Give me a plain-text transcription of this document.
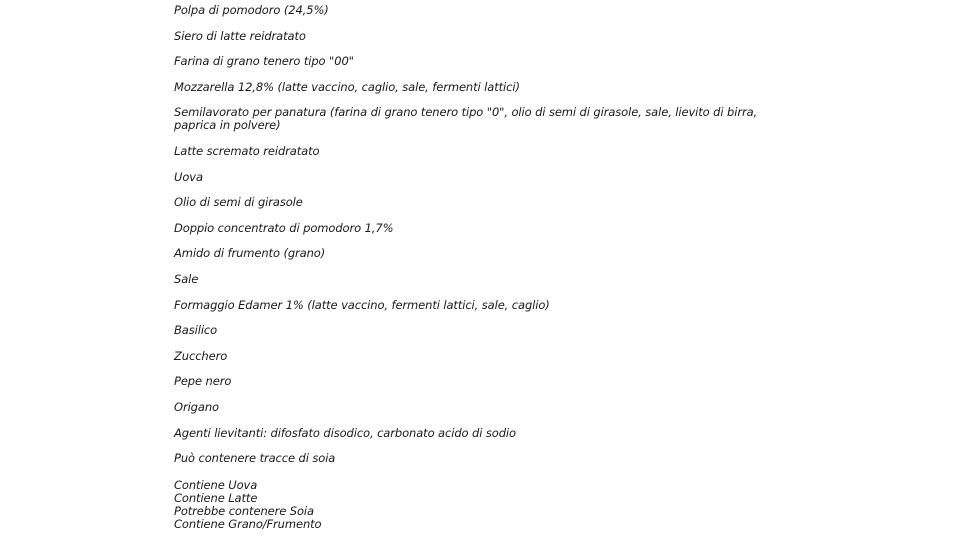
Polpa di pomodoro (24,5%)
Siero di latte reidratato
Farina di grano tenero tipo "00"
Mozzarella 12,8% (latte vaccino, caglio, sale, fermenti lattici)
Semilavorato per panatura (farina di grano tenero tipo "0", olio di semi di girasole, sale, lievito di birra, paprica in polvere)
Latte scremato reidratato
Uova
Olio di semi di girasole
Doppio concentrato di pomodoro 1,7%
Amido di frumento (grano)
Sale
Formaggio Edamer 1% (latte vaccino, fermenti lattici, sale, caglio)
Basilico
Zucchero
Pepe nero
Origano
Agenti lievitanti: difosfato disodico, carbonato acido di sodio
Può contenere tracce di soia
Contiene Uova
Contiene Latte
Potrebbe contenere Soia
Contiene Grano/Frumento
